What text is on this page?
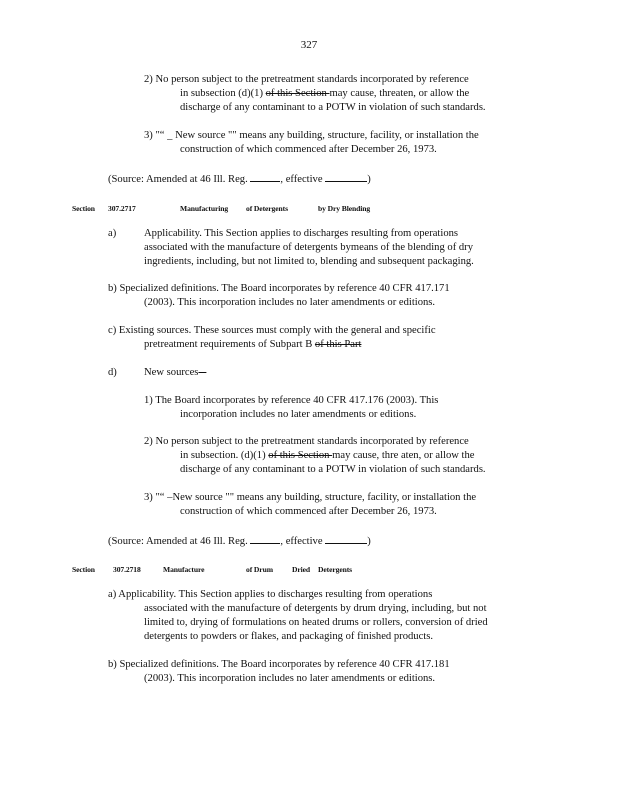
327
2) No person subject to the pretreatment standards incorporated by reference
in subsection (d)(1) of this Section may cause, threaten, or allow the
discharge of any contaminant to a POTW in violation of such standards.
3) "“ _ New source "" means any building, structure, facility, or installation the
construction of which commenced after December 26, 1973.
(Source: Amended at 46 Ill. Reg.	, effective	)
Section 307.2717	Manufacturing of Detergents	by Dry Blending
a)	Applicability. This Section applies to discharges resulting from operations
associated with the manufacture of detergents bymeans of the blending of dry
ingredients, including, but not limited to, blending and subsequent packaging.
b) Specialized definitions. The Board incorporates by reference 40 CFR 417.171
(2003). This incorporation includes no later amendments or editions.
c) Existing sources. These sources must comply with the general and specific
pretreatment requirements of Subpart B of this Part
d)	New sources
1) The Board incorporates by reference 40 CFR 417.176 (2003). This
incorporation includes no later amendments or editions.
2) No person subject to the pretreatment standards incorporated by reference
in subsection. (d)(1) of this Section may cause, thre aten, or allow the
discharge of any contaminant to a POTW in violation of such standards.
3) "“ –New source "" means any building, structure, facility, or installation the
construction of which commenced after December 26, 1973.
(Source: Amended at 46 Ill. Reg.	, effective	)
Section 307.2718	Manufacture	of Drum	Dried Detergents
a) Applicability. This Section applies to discharges resulting from operations
associated with the manufacture of detergents by drum drying, including, but not
limited to, drying of formulations on heated drums or rollers, conversion of dried
detergents to powders or flakes, and packaging of finished products.
b) Specialized definitions. The Board incorporates by reference 40 CFR 417.181
(2003). This incorporation includes no later amendments or editions.
